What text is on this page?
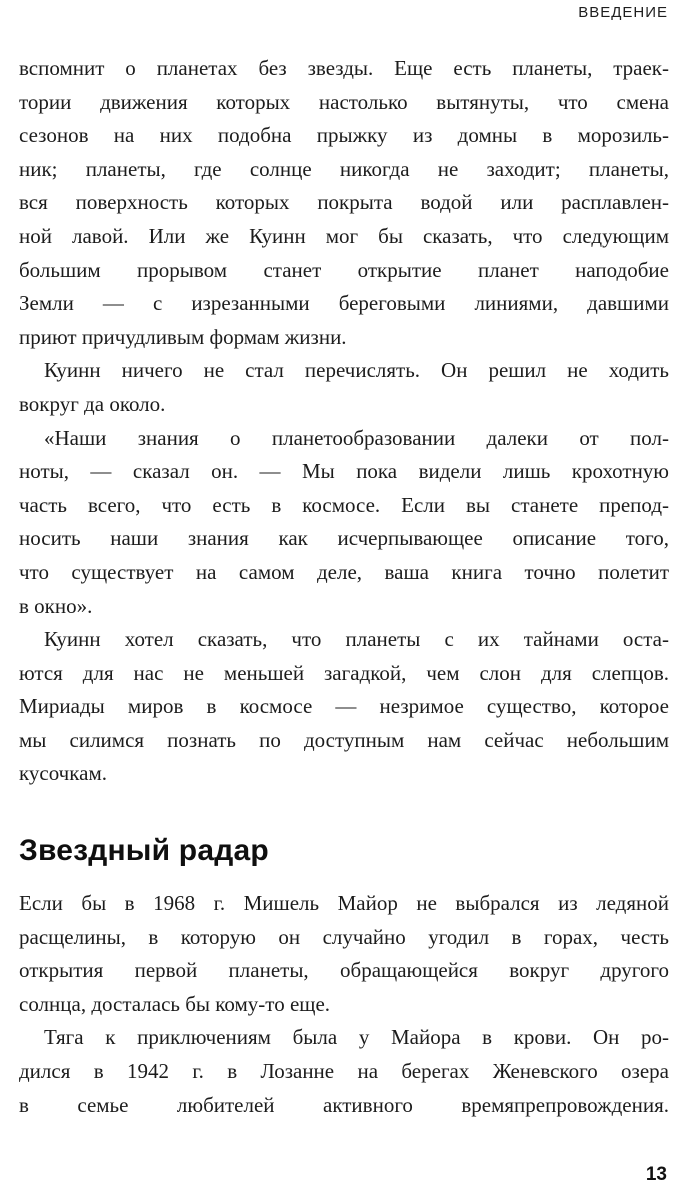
ВВЕДЕНИЕ
вспомнит о планетах без звезды. Еще есть планеты, траек-
тории движения которых настолько вытянуты, что смена
сезонов на них подобна прыжку из домны в морозиль-
ник; планеты, где солнце никогда не заходит; планеты,
вся поверхность которых покрыта водой или расплавлен-
ной лавой. Или же Куинн мог бы сказать, что следующим
большим прорывом станет открытие планет наподобие
Земли — с изрезанными береговыми линиями, давшими
приют причудливым формам жизни.
Куинн ничего не стал перечислять. Он решил не ходить
вокруг да около.
«Наши знания о планетообразовании далеки от пол-
ноты, — сказал он. — Мы пока видели лишь крохотную
часть всего, что есть в космосе. Если вы станете препод-
носить наши знания как исчерпывающее описание того,
что существует на самом деле, ваша книга точно полетит
в окно».
Куинн хотел сказать, что планеты с их тайнами оста-
ются для нас не меньшей загадкой, чем слон для слепцов.
Мириады миров в космосе — незримое существо, которое
мы силимся познать по доступным нам сейчас небольшим
кусочкам.
Звездный радар
Если бы в 1968 г. Мишель Майор не выбрался из ледяной
расщелины, в которую он случайно угодил в горах, честь
открытия первой планеты, обращающейся вокруг другого
солнца, досталась бы кому-то еще.
Тяга к приключениям была у Майора в крови. Он ро-
дился в 1942 г. в Лозанне на берегах Женевского озера
в семье любителей активного времяпрепровождения.
13
